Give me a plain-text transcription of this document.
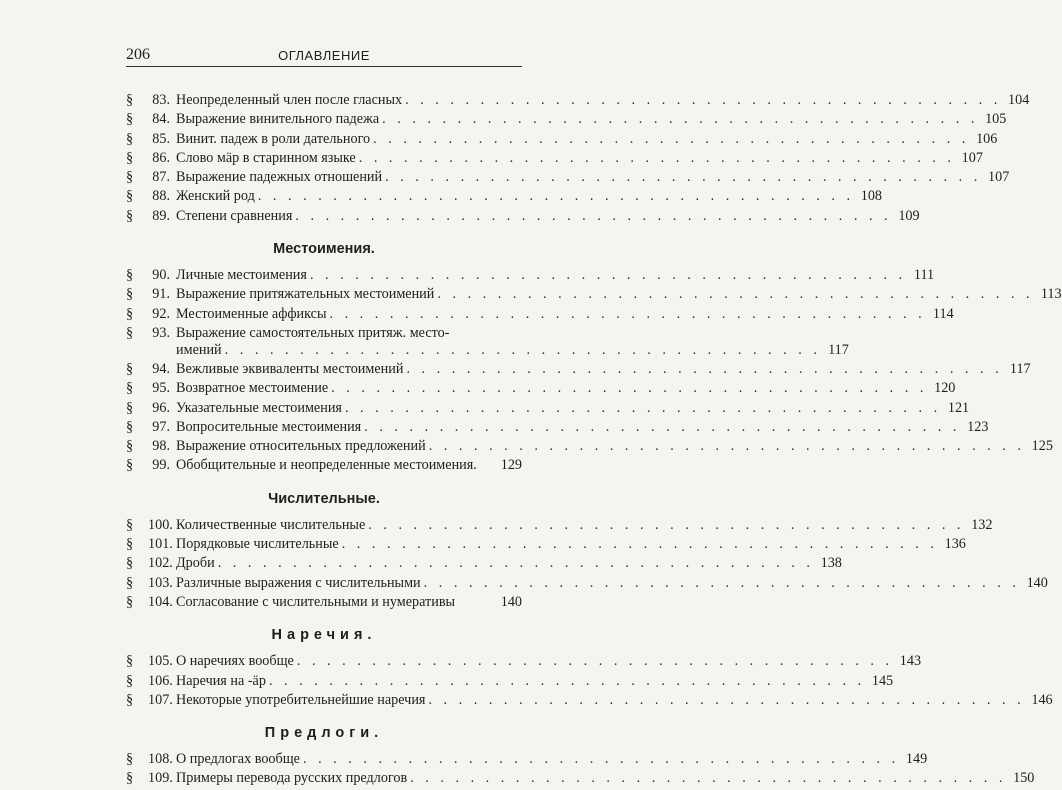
206	ОГЛАВЛЕНИЕ
§	83. Неопределенный член после гласных . . . . . . . . . . . . . . . . . . . . . . . . . . . . . . . . . . . . . . . . 104
§	84. Выражение винительного падежа . . . . . . . . . . . . . . . . . . . . . . . . . . . . . . . . . . . . . . . . 105
§	85. Винит. падеж в роли дательного . . . . . . . . . . . . . . . . . . . . . . . . . . . . . . . . . . . . . . . . 106
§	86. Слово мäр в старинном языке . . . . . . . . . . . . . . . . . . . . . . . . . . . . . . . . . . . . . . . . 107
§	87. Выражение падежных отношений . . . . . . . . . . . . . . . . . . . . . . . . . . . . . . . . . . . . . . . . 107
§	88. Женский род . . . . . . . . . . . . . . . . . . . . . . . . . . . . . . . . . . . . . . . . 108
§	89. Степени сравнения . . . . . . . . . . . . . . . . . . . . . . . . . . . . . . . . . . . . . . . . 109
Местоимения.
§	90. Личные местоимения . . . . . . . . . . . . . . . . . . . . . . . . . . . . . . . . . . . . . . . . 111
§	91. Выражение притяжательных местоимений . . . . . . . . . . . . . . . . . . . . . . . . . . . . . . . . . . . . . . . . 113
§	92. Местоименные аффиксы . . . . . . . . . . . . . . . . . . . . . . . . . . . . . . . . . . . . . . . . 114
§	93. Выражение самостоятельных притяж. место-
имений . . . . . . . . . . . . . . . . . . . . . . . . . . . . . . . . . . . . . . . . 117
§	94. Вежливые эквиваленты местоимений . . . . . . . . . . . . . . . . . . . . . . . . . . . . . . . . . . . . . . . . 117
§	95. Возвратное местоимение . . . . . . . . . . . . . . . . . . . . . . . . . . . . . . . . . . . . . . . . 120
§	96. Указательные местоимения . . . . . . . . . . . . . . . . . . . . . . . . . . . . . . . . . . . . . . . . 121
§	97. Вопросительные местоимения . . . . . . . . . . . . . . . . . . . . . . . . . . . . . . . . . . . . . . . . 123
§	98. Выражение относительных предложений . . . . . . . . . . . . . . . . . . . . . . . . . . . . . . . . . . . . . . . . 125
§	99. Обобщительные и неопределенные местоимения.	129
Числительные.
§	100. Количественные числительные . . . . . . . . . . . . . . . . . . . . . . . . . . . . . . . . . . . . . . . . 132
§	101. Порядковые числительные . . . . . . . . . . . . . . . . . . . . . . . . . . . . . . . . . . . . . . . . 136
§	102. Дроби . . . . . . . . . . . . . . . . . . . . . . . . . . . . . . . . . . . . . . . . 138
§	103. Различные выражения с числительными . . . . . . . . . . . . . . . . . . . . . . . . . . . . . . . . . . . . . . . . 140
§	104. Согласование с числительными и нумеративы	140
Наречия.
§	105. О наречиях вообще . . . . . . . . . . . . . . . . . . . . . . . . . . . . . . . . . . . . . . . . 143
§	106. Наречия на -äр . . . . . . . . . . . . . . . . . . . . . . . . . . . . . . . . . . . . . . . . 145
§	107. Некоторые употребительнейшие наречия . . . . . . . . . . . . . . . . . . . . . . . . . . . . . . . . . . . . . . . . 146
Предлоги.
§	108. О предлогах вообще . . . . . . . . . . . . . . . . . . . . . . . . . . . . . . . . . . . . . . . . 149
§	109. Примеры перевода русских предлогов . . . . . . . . . . . . . . . . . . . . . . . . . . . . . . . . . . . . . . . . 150
